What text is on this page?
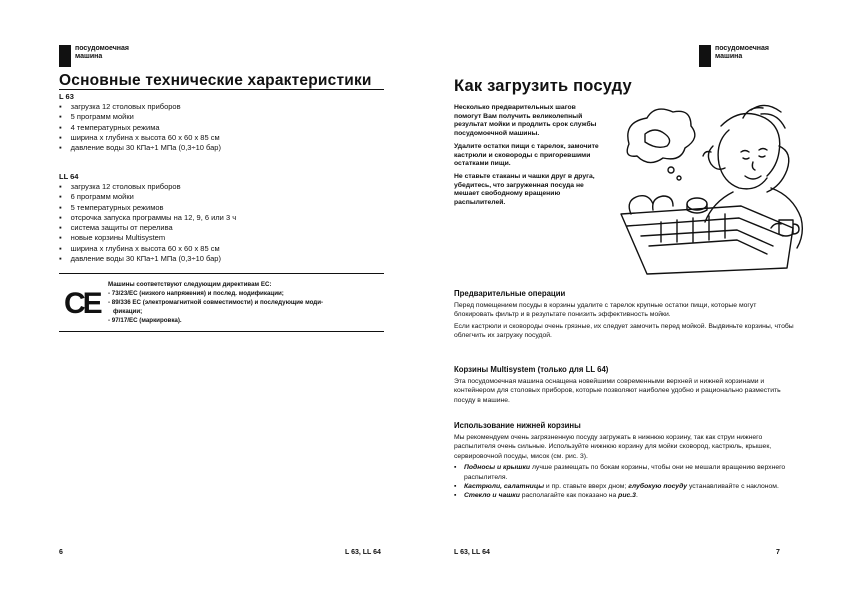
посудомоечная
машина
Основные технические характеристики
L 63
▪ загрузка 12 столовых приборов
▪ 5 программ мойки
▪ 4 температурных режима
▪ ширина x глубина x высота 60 x 60 x 85 см
▪ давление воды 30 КПа÷1 МПа (0,3÷10 бар)
LL 64
▪ загрузка 12 столовых приборов
▪ 6 программ мойки
▪ 5 температурных режимов
▪ отсрочка запуска программы на 12, 9, 6 или 3 ч
▪ система защиты от перелива
▪ новые корзины Multisystem
▪ ширина x глубина x высота 60 x 60 x 85 см
▪ давление воды 30 КПа÷1 МПа (0,3÷10 бар)
CE
Машины соответствуют следующим директивам ЕС:
- 73/23/ЕС (низкого напряжения) и послед. модификации;
- 89/336 ЕС (электромагнитной совместимости) и последующие моди-
фикации;
- 97/17/ЕС (маркировка).
6	L 63, LL 64
посудомоечная
машина
Как загрузить посуду

Несколько предварительных шагов помогут Вам получить великолепный результат мойки и продлить срок службы посудомоечной машины.

Удалите остатки пищи с тарелок, замочите кастрюли и сковороды с пригоревшими остатками пищи.

Не ставьте стаканы и чашки друг в друга, убедитесь, что загруженная посуда не мешает свободному вращению распылителей.

Предварительные операции

Перед помещением посуды в корзины удалите с тарелок крупные остатки пищи, которые могут блокировать фильтр и в результате понизить эффективность мойки.

Если кастрюли и сковороды очень грязные, их следует замочить перед мойкой. Выдвиньте корзины, чтобы облегчить их загрузку посудой.

Корзины Multisystem (только для LL 64)

Эта посудомоечная машина оснащена новейшими современными верхней и нижней корзинами и контейнером для столовых приборов, которые позволяют наиболее удобно и рационально разместить посуду в машине.

Использование нижней корзины

Мы рекомендуем очень загрязненную посуду загружать в нижнюю корзину, так как струи нижнего распылителя очень сильные. Используйте нижнюю корзину для мойки сковород, кастрюль, крышек, сервировочной посуды, мисок (см. рис. 3).

▪ Подносы и крышки лучше размещать по бокам корзины, чтобы они не мешали вращению верхнего распылителя.
▪ Кастрюли, салатницы и пр. ставьте вверх дном; глубокую посуду устанавливайте с наклоном.
▪ Стекло и чашки располагайте как показано на рис.3.
L 63, LL 64	7
